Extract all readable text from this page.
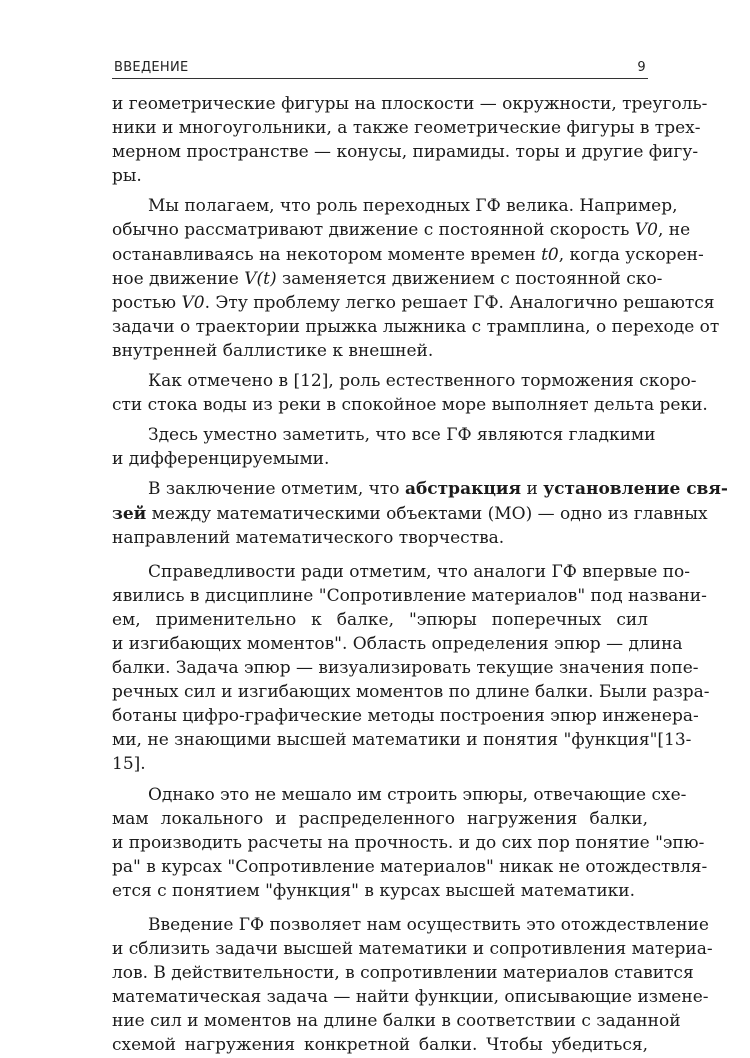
ВВЕДЕНИЕ	9
и геометрические фигуры на плоскости — окружности, треуголь-
ники и многоугольники, а также геометрические фигуры в трех-
мерном пространстве — конусы, пирамиды. торы и другие фигу-
ры.
Мы полагаем, что роль переходных ГФ велика. Например,
обычно рассматривают движение с постоянной скорость V0, не
останавливаясь на некотором моменте времен t0, когда ускорен-
ное движение V(t) заменяется движением с постоянной ско-
ростью V0. Эту проблему легко решает ГФ. Аналогично решаются
задачи о траектории прыжка лыжника с трамплина, о переходе от
внутренней баллистике к внешней.
Как отмечено в [12], роль естественного торможения скоро-
сти стока воды из реки в спокойное море выполняет дельта реки.
Здесь уместно заметить, что все ГФ являются гладкими
и дифференцируемыми.
В заключение отметим, что абстракция и установление свя-
зей между математическими объектами (МО) — одно из главных
направлений математического творчества.
Справедливости ради отметим, что аналоги ГФ впервые по-
явились в дисциплине "Сопротивление материалов" под названи-
ем, применительно к балке, "эпюры поперечных сил
и изгибающих моментов". Область определения эпюр — длина
балки. Задача эпюр — визуализировать текущие значения попе-
речных сил и изгибающих моментов по длине балки. Были разра-
ботаны цифро-графические методы построения эпюр инженера-
ми, не знающими высшей математики и понятия "функция"[13-
15].
Однако это не мешало им строить эпюры, отвечающие схе-
мам локального и распределенного нагружения балки,
и производить расчеты на прочность. и до сих пор понятие "эпю-
ра" в курсах "Сопротивление материалов" никак не отождествля-
ется с понятием "функция" в курсах высшей математики.
Введение ГФ позволяет нам осуществить это отождествление
и сблизить задачи высшей математики и сопротивления материа-
лов. В действительности, в сопротивлении материалов ставится
математическая задача — найти функции, описывающие измене-
ние сил и моментов на длине балки в соответствии с заданной
схемой нагружения конкретной балки. Чтобы убедиться,
